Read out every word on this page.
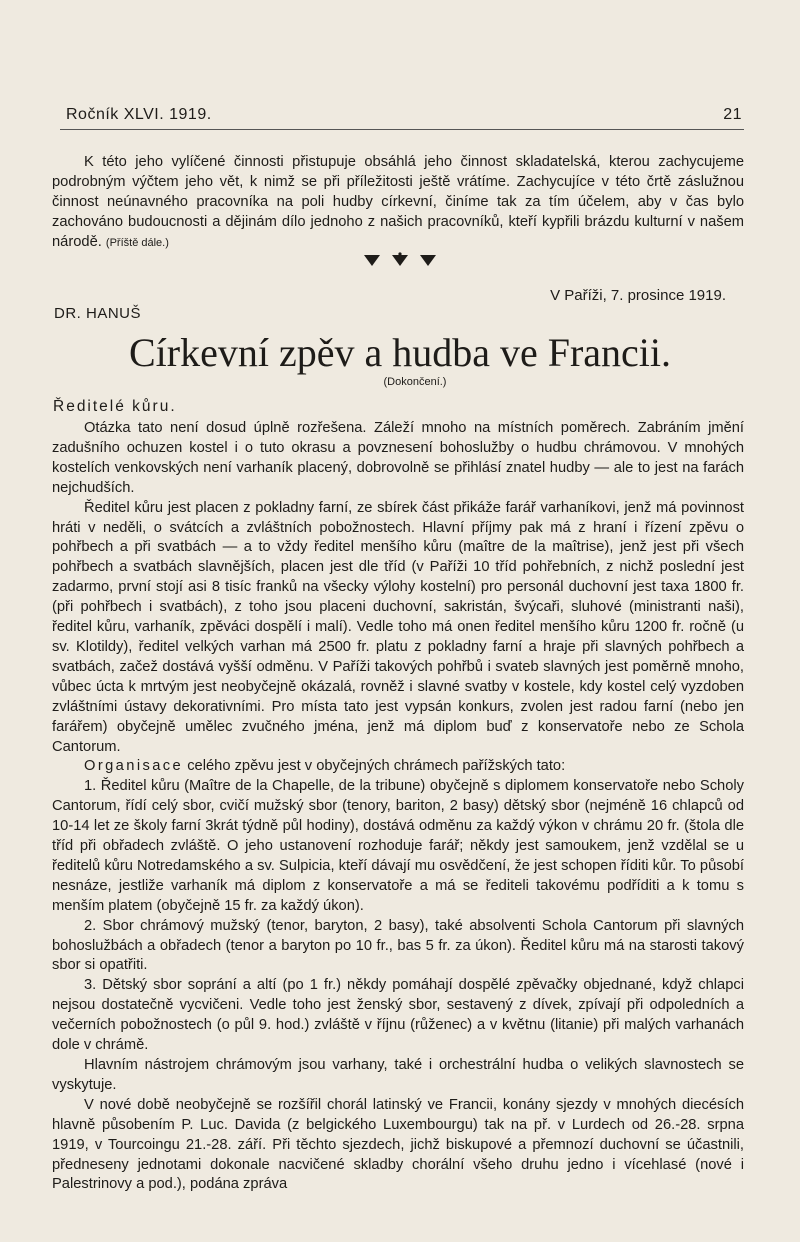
Ročník XLVI. 1919.	21

K této jeho vylíčené činnosti přistupuje obsáhlá jeho činnost skladatelská, kterou zachycujeme podrobným výčtem jeho vět, k nimž se při příležitosti ještě vrátíme. Zachycujíce v této črtě záslužnou činnost neúnavného pracovníka na poli hudby církevní, činíme tak za tím účelem, aby v čas bylo zachováno budoucnosti a dějinám dílo jednoho z našich pracovníků, kteří kypřili brázdu kulturní v našem národě. (Příště dále.)

V Paříži, 7. prosince 1919.
DR. HANUŠ
Církevní zpěv a hudba ve Francii.
(Dokončení.)
Ředitelé kůru.

Otázka tato není dosud úplně rozřešena. Záleží mnoho na místních poměrech. Zabráním jmění zadušního ochuzen kostel i o tuto okrasu a povznesení bohoslužby o hudbu chrámovou. V mnohých kostelích venkovských není varhaník placený, dobrovolně se přihlásí znatel hudby — ale to jest na farách nejchudších.

Ředitel kůru jest placen z pokladny farní, ze sbírek část přikáže farář varhaníkovi, jenž má povinnost hráti v neděli, o svátcích a zvláštních pobožnostech. Hlavní příjmy pak má z hraní i řízení zpěvu o pohřbech a při svatbách — a to vždy ředitel menšího kůru (maître de la maîtrise), jenž jest při všech pohřbech a svatbách slavnějších, placen jest dle tříd (v Paříži 10 tříd pohřebních, z nichž poslední jest zadarmo, první stojí asi 8 tisíc franků na všecky výlohy kostelní) pro personál duchovní jest taxa 1800 fr. (při pohřbech i svatbách), z toho jsou placeni duchovní, sakristán, švýcaři, sluhové (ministranti naši), ředitel kůru, varhaník, zpěváci dospělí i malí). Vedle toho má onen ředitel menšího kůru 1200 fr. ročně (u sv. Klotildy), ředitel velkých varhan má 2500 fr. platu z pokladny farní a hraje při slavných pohřbech a svatbách, začež dostává vyšší odměnu. V Paříži takových pohřbů i svateb slavných jest poměrně mnoho, vůbec úcta k mrtvým jest neobyčejně okázalá, rovněž i slavné svatby v kostele, kdy kostel celý vyzdoben zvláštními ústavy dekorativními. Pro místa tato jest vypsán konkurs, zvolen jest radou farní (nebo jen farářem) obyčejně umělec zvučného jména, jenž má diplom buď z konservatoře nebo ze Schola Cantorum.

Organisace celého zpěvu jest v obyčejných chrámech pařížských tato:

1. Ředitel kůru (Maître de la Chapelle, de la tribune) obyčejně s diplomem konservatoře nebo Scholy Cantorum, řídí celý sbor, cvičí mužský sbor (tenory, bariton, 2 basy) dětský sbor (nejméně 16 chlapců od 10-14 let ze školy farní 3krát týdně půl hodiny), dostává odměnu za každý výkon v chrámu 20 fr. (štola dle tříd při obřadech zvláště. O jeho ustanovení rozhoduje farář; někdy jest samoukem, jenž vzdělal se u ředitelů kůru Notredamského a sv. Sulpicia, kteří dávají mu osvědčení, že jest schopen říditi kůr. To působí nesnáze, jestliže varhaník má diplom z konservatoře a má se řediteli takovému podříditi a k tomu s menším platem (obyčejně 15 fr. za každý úkon).

2. Sbor chrámový mužský (tenor, baryton, 2 basy), také absolventi Schola Cantorum při slavných bohoslužbách a obřadech (tenor a baryton po 10 fr., bas 5 fr. za úkon). Ředitel kůru má na starosti takový sbor si opatřiti.

3. Dětský sbor soprání a altí (po 1 fr.) někdy pomáhají dospělé zpěvačky objednané, když chlapci nejsou dostatečně vycvičeni. Vedle toho jest ženský sbor, sestavený z dívek, zpívají při odpoledních a večerních pobožnostech (o půl 9. hod.) zvláště v říjnu (růženec) a v květnu (litanie) při malých varhanách dole v chrámě.

Hlavním nástrojem chrámovým jsou varhany, také i orchestrální hudba o velikých slavnostech se vyskytuje.

V nové době neobyčejně se rozšířil chorál latinský ve Francii, konány sjezdy v mnohých diecésích hlavně působením P. Luc. Davida (z belgického Luxembourgu) tak na př. v Lurdech od 26.-28. srpna 1919, v Tourcoingu 21.-28. září. Při těchto sjezdech, jichž biskupové a přemnozí duchovní se účastnili, předneseny jednotami dokonale nacvičené skladby chorální všeho druhu jedno i vícehlasé (nové i Palestrinovy a pod.), podána zpráva
